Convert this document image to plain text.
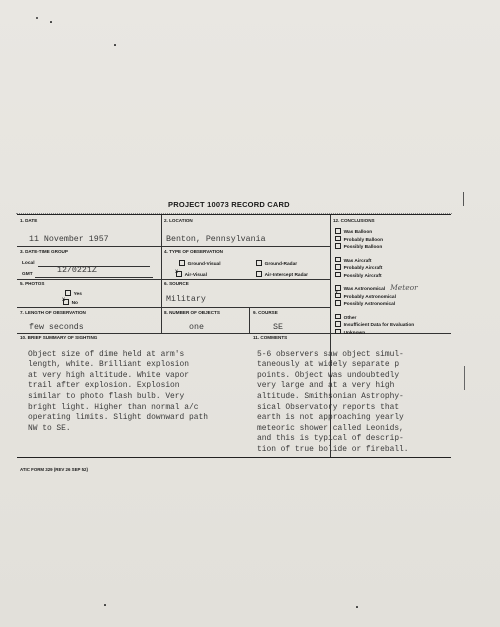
PROJECT 10073 RECORD CARD
1. DATE
11 November 1957
2. LOCATION
Benton, Pennsylvania
3. DATE-TIME GROUP
Local
GMT	12/0221Z
4. TYPE OF OBSERVATION
Ground-Visual	Ground-Radar
x
Air-Visual	Air-Intercept Radar
5. PHOTOS
Yes
x
No
6. SOURCE
Military
7. LENGTH OF OBSERVATION
few seconds
8. NUMBER OF OBJECTS
one
9. COURSE
SE
10. BRIEF SUMMARY OF SIGHTING

Object size of dime held at arm's
length, white. Brilliant explosion
at very high altitude. White vapor
trail after explosion. Explosion
similar to photo flash bulb. Very
bright light. Higher than normal a/c
operating limits. Slight downward path
NW to SE.
11. COMMENTS

5-6 observers saw object simul-
taneously at widely separate p
points. Object was undoubtedly
very large and at a very high
altitude. Smithsonian Astrophy-
sical Observatory reports that
earth is not approaching yearly
meteoric shower called Leonids,
and this is typical of descrip-
tion of true bolide or fireball.
12. CONCLUSIONS
Was Balloon
Probably Balloon
Possibly Balloon
Was Aircraft
Probably Aircraft
Possibly Aircraft
Was Astronomical Meteor
x
Probably Astronomical
Possibly Astronomical
Other
Insufficient Data for Evaluation
Unknown
ATIC FORM 329 (REV 26 SEP 52)
